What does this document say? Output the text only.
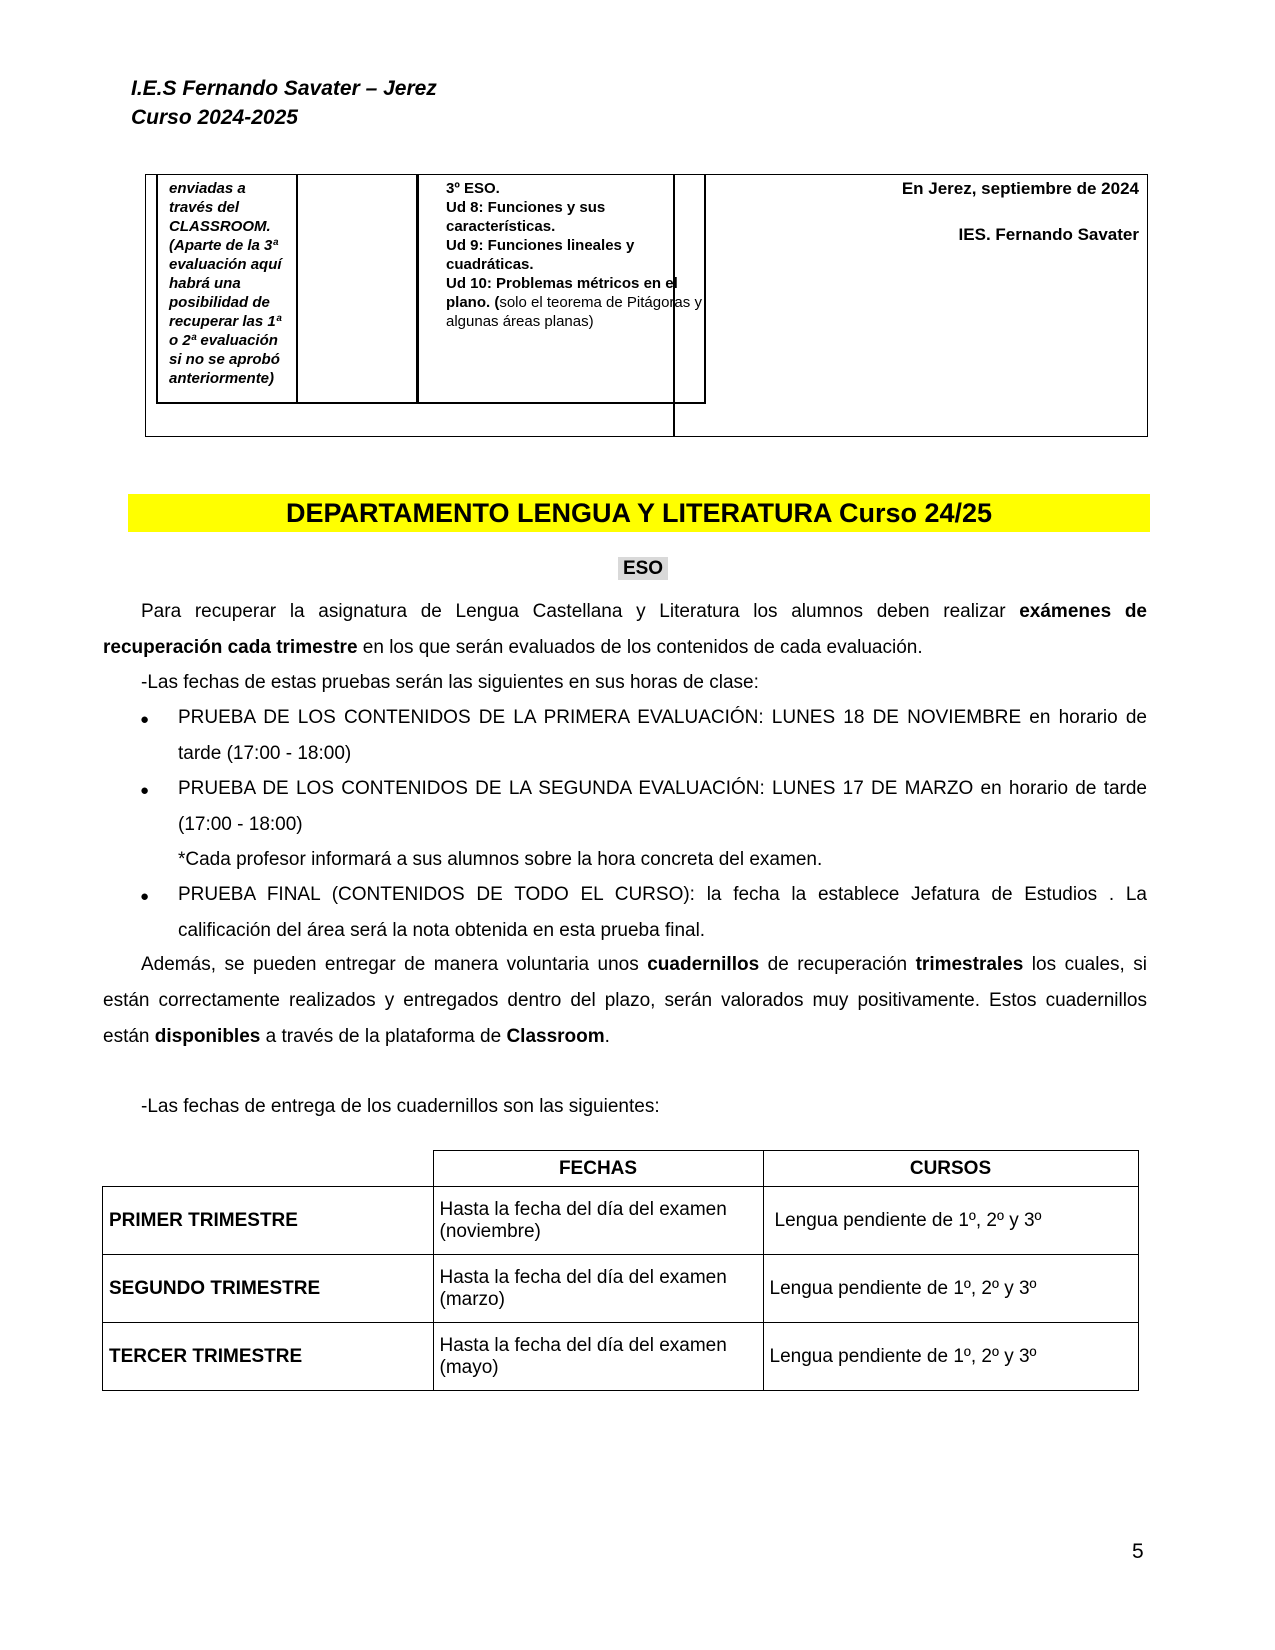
I.E.S Fernando Savater – Jerez
Curso 2024-2025
enviadas a través del CLASSROOM. (Aparte de la 3ª evaluación aquí habrá una posibilidad de recuperar las 1ª o 2ª evaluación si no se aprobó anteriormente)
3º ESO.
Ud 8: Funciones y sus características.
Ud 9: Funciones lineales y cuadráticas.
Ud 10: Problemas métricos en el plano. (solo el teorema de Pitágoras y algunas áreas planas)
En Jerez, septiembre de 2024
IES. Fernando Savater
DEPARTAMENTO LENGUA Y LITERATURA Curso 24/25
ESO
Para recuperar la asignatura de Lengua Castellana y Literatura los alumnos deben realizar exámenes de recuperación cada trimestre en los que serán evaluados de los contenidos de cada evaluación.
-Las fechas de estas pruebas serán las siguientes en sus horas de clase:
● PRUEBA DE LOS CONTENIDOS DE LA PRIMERA EVALUACIÓN: LUNES 18 DE NOVIEMBRE en horario de tarde (17:00 - 18:00)
● PRUEBA DE LOS CONTENIDOS DE LA SEGUNDA EVALUACIÓN: LUNES 17 DE MARZO en horario de tarde (17:00 - 18:00)
*Cada profesor informará a sus alumnos sobre la hora concreta del examen.
● PRUEBA FINAL (CONTENIDOS DE TODO EL CURSO): la fecha la establece Jefatura de Estudios . La calificación del área será la nota obtenida en esta prueba final.
Además, se pueden entregar de manera voluntaria unos cuadernillos de recuperación trimestrales los cuales, si están correctamente realizados y entregados dentro del plazo, serán valorados muy positivamente. Estos cuadernillos están disponibles a través de la plataforma de Classroom.
-Las fechas de entrega de los cuadernillos son las siguientes:
	FECHAS	CURSOS
PRIMER TRIMESTRE	Hasta la fecha del día del examen (noviembre)	Lengua pendiente de 1º, 2º y 3º
SEGUNDO TRIMESTRE	Hasta la fecha del día del examen (marzo)	Lengua pendiente de 1º, 2º y 3º
TERCER TRIMESTRE	Hasta la fecha del día del examen (mayo)	Lengua pendiente de 1º, 2º y 3º
5
